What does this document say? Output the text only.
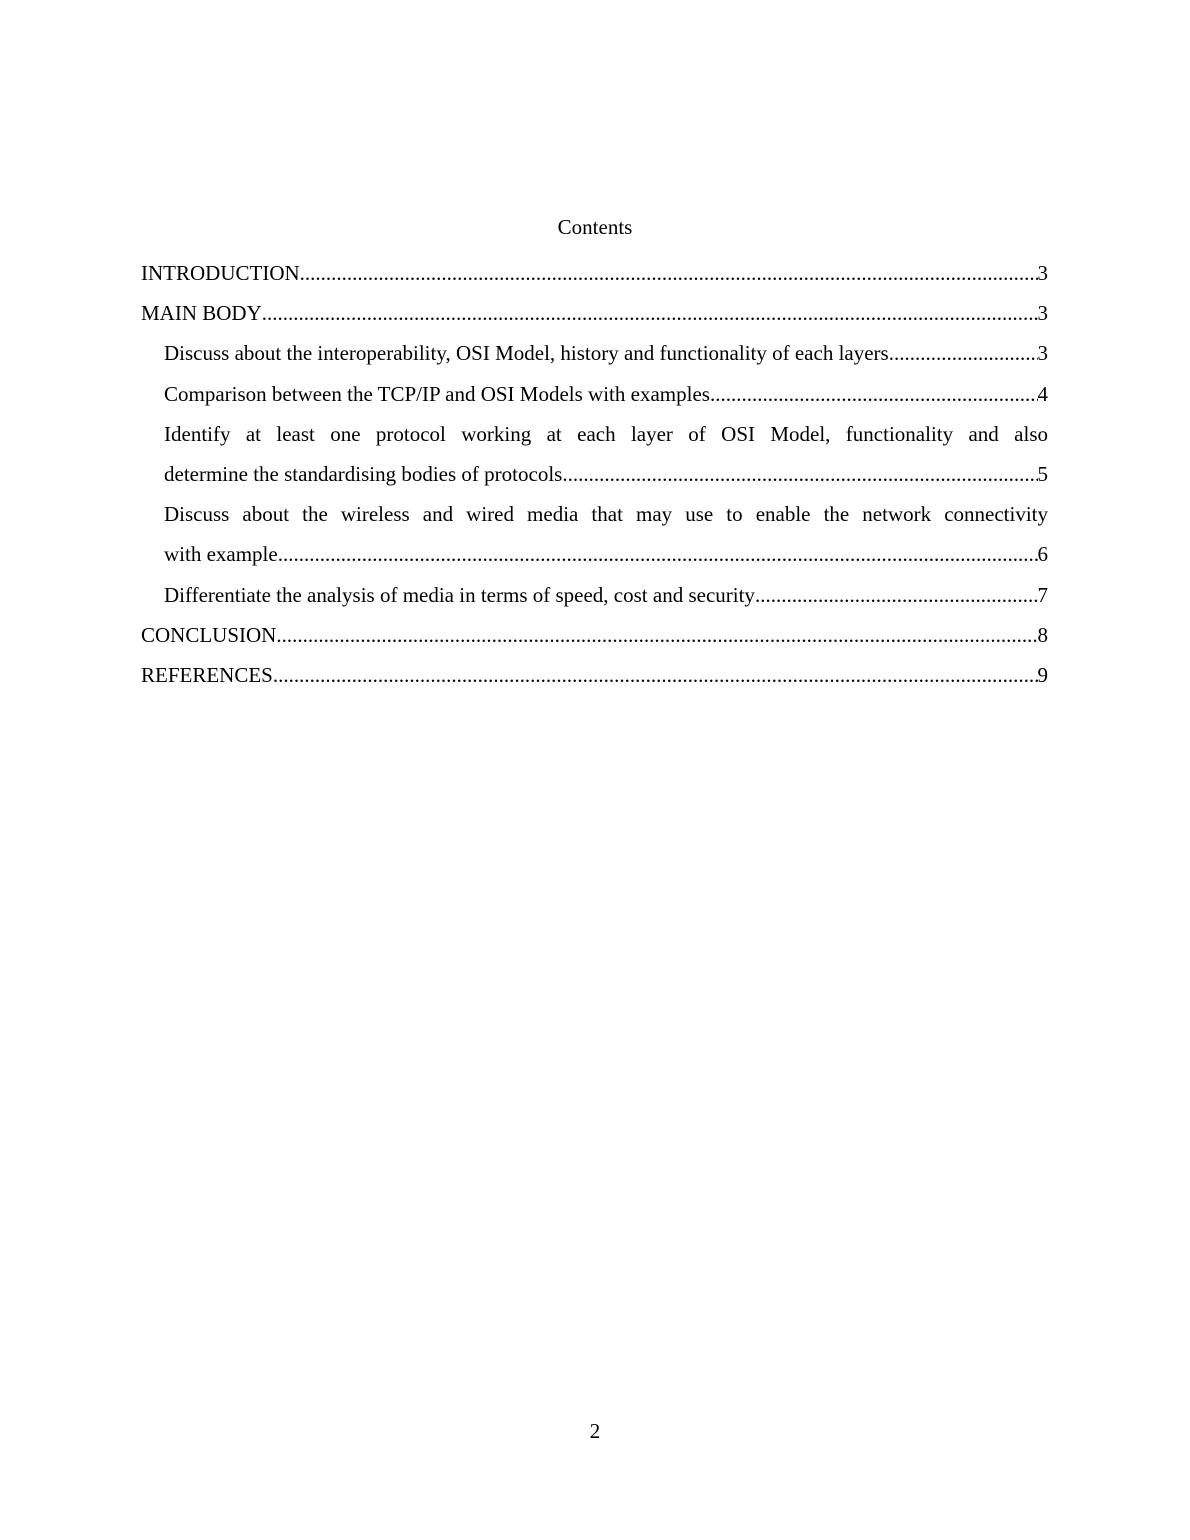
Contents
INTRODUCTION .....	3
MAIN BODY .....	3
Discuss about the interoperability, OSI Model, history and functionality of each layers .....	3
Comparison between the TCP/IP and OSI Models with examples .....	4
Identify at least one protocol working at each layer of OSI Model, functionality and also
determine the standardising bodies of protocols .....	5
Discuss about the wireless and wired media that may use to enable the network connectivity
with example .....	6
Differentiate the analysis of media in terms of speed, cost and security .....	7
CONCLUSION .....	8
REFERENCES .....	9
2
